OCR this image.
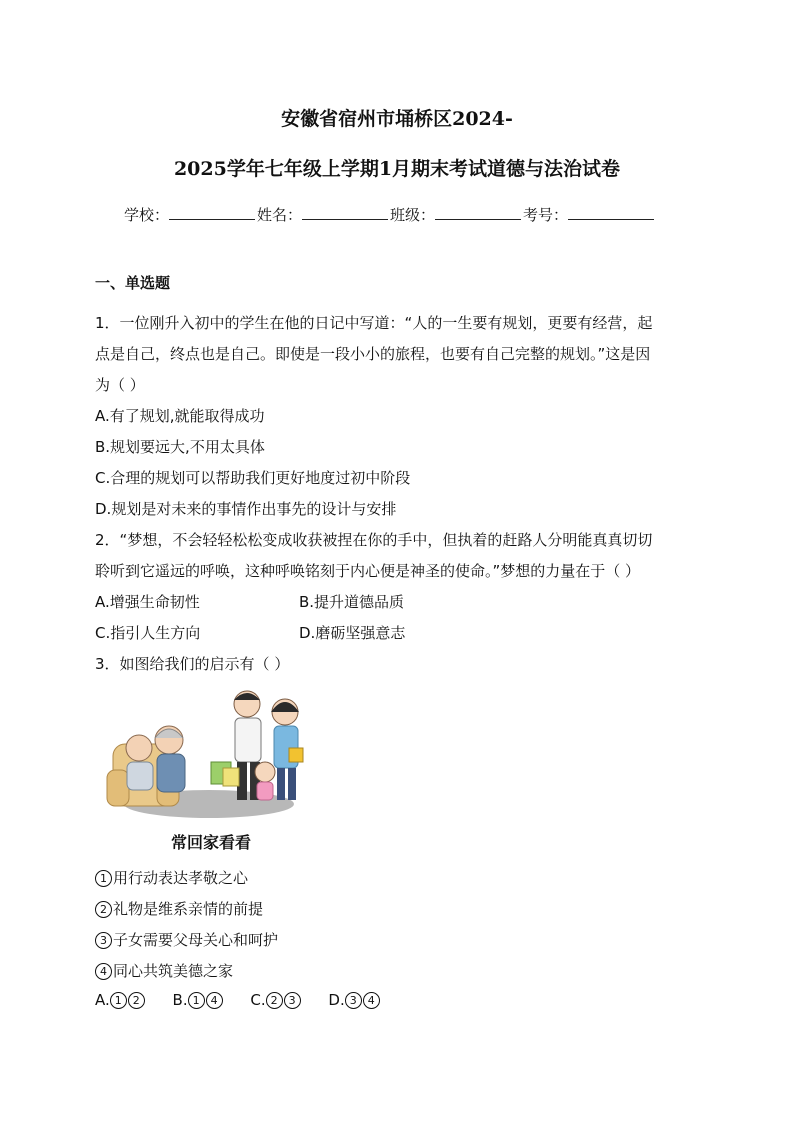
安徽省宿州市埇桥区2024-
2025学年七年级上学期1月期末考试道德与法治试卷
学校：	姓名：	班级：	考号：
一、单选题
1．一位刚升入初中的学生在他的日记中写道：“人的一生要有规划，更要有经营，起
点是自己，终点也是自己。即使是一段小小的旅程，也要有自己完整的规划。”这是因
为（ ）
A.有了规划,就能取得成功
B.规划要远大,不用太具体
C.合理的规划可以帮助我们更好地度过初中阶段
D.规划是对未来的事情作出事先的设计与安排
2．“梦想，不会轻轻松松变成收获被捏在你的手中，但执着的赶路人分明能真真切切
聆听到它遥远的呼唤，这种呼唤铭刻于内心便是神圣的使命。”梦想的力量在于（ ）
A.增强生命韧性	B.提升道德品质
C.指引人生方向	D.磨砺坚强意志
3．如图给我们的启示有（ ）
常回家看看
1 用行动表达孝敬之心
2 礼物是维系亲情的前提
3 子女需要父母关心和呵护
4 同心共筑美德之家
A. 1 2 B. 1 4 C. 2 3 D. 3 4
